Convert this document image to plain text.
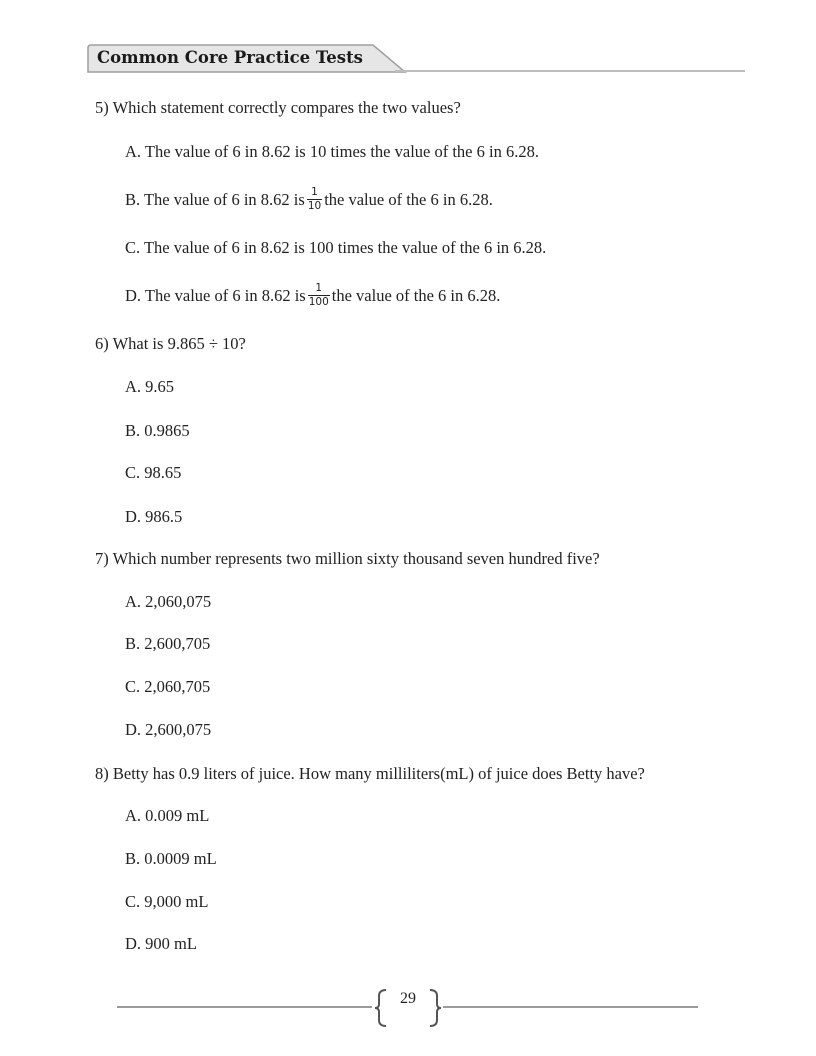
Common Core Practice Tests
5) Which statement correctly compares the two values?
A. The value of 6 in 8.62 is 10 times the value of the 6 in 6.28.
B. The value of 6 in 8.62 is $\frac{1}{10}$ the value of the 6 in 6.28.
C. The value of 6 in 8.62 is 100 times the value of the 6 in 6.28.
D. The value of 6 in 8.62 is $\frac{1}{100}$ the value of the 6 in 6.28.
6) What is 9.865 ÷ 10?
A. 9.65
B. 0.9865
C. 98.65
D. 986.5
7) Which number represents two million sixty thousand seven hundred five?
A. 2,060,075
B. 2,600,705
C. 2,060,705
D. 2,600,075
8) Betty has 0.9 liters of juice. How many milliliters(mL) of juice does Betty have?
A. 0.009 mL
B. 0.0009 mL
C. 9,000 mL
D. 900 mL
29
